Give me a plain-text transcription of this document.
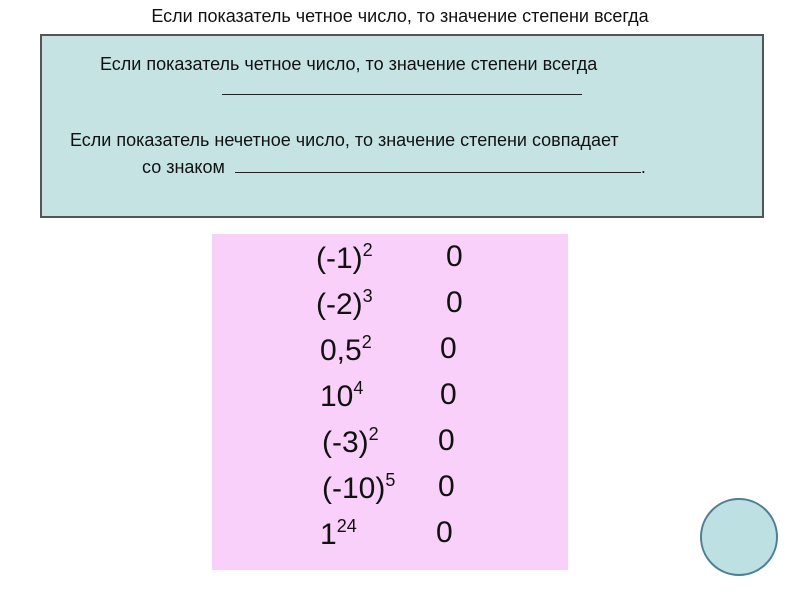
Если показатель четное число, то значение степени всегда
Если показатель четное число, то значение степени всегда
Если показатель нечетное число, то значение степени совпадает
со знаком	.
$(-1)^2$ 0
$(-2)^3$ 0
$0,5^2$ 0
$10^4$	0
$(-3)^2$ 0
$(-10)^5$ 0
$1^{24}$	0
